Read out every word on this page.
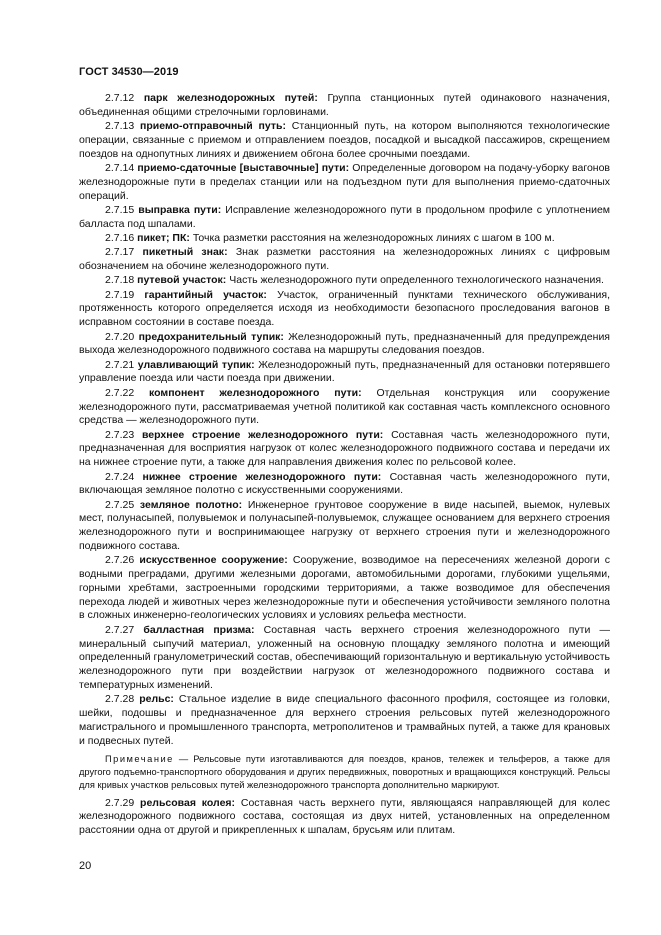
ГОСТ 34530—2019

2.7.12 парк железнодорожных путей: Группа станционных путей одинакового назначения, объединенная общими стрелочными горловинами.

2.7.13 приемо-отправочный путь: Станционный путь, на котором выполняются технологические операции, связанные с приемом и отправлением поездов, посадкой и высадкой пассажиров, скрещением поездов на однопутных линиях и движением обгона более срочными поездами.

2.7.14 приемо-сдаточные [выставочные] пути: Определенные договором на подачу-уборку вагонов железнодорожные пути в пределах станции или на подъездном пути для выполнения приемо-сдаточных операций.

2.7.15 выправка пути: Исправление железнодорожного пути в продольном профиле с уплотнением балласта под шпалами.

2.7.16 пикет; ПК: Точка разметки расстояния на железнодорожных линиях с шагом в 100 м.

2.7.17 пикетный знак: Знак разметки расстояния на железнодорожных линиях с цифровым обозначением на обочине железнодорожного пути.

2.7.18 путевой участок: Часть железнодорожного пути определенного технологического назначения.

2.7.19 гарантийный участок: Участок, ограниченный пунктами технического обслуживания, протяженность которого определяется исходя из необходимости безопасного проследования вагонов в исправном состоянии в составе поезда.

2.7.20 предохранительный тупик: Железнодорожный путь, предназначенный для предупреждения выхода железнодорожного подвижного состава на маршруты следования поездов.

2.7.21 улавливающий тупик: Железнодорожный путь, предназначенный для остановки потерявшего управление поезда или части поезда при движении.

2.7.22 компонент железнодорожного пути: Отдельная конструкция или сооружение железнодорожного пути, рассматриваемая учетной политикой как составная часть комплексного основного средства — железнодорожного пути.

2.7.23 верхнее строение железнодорожного пути: Составная часть железнодорожного пути, предназначенная для восприятия нагрузок от колес железнодорожного подвижного состава и передачи их на нижнее строение пути, а также для направления движения колес по рельсовой колее.

2.7.24 нижнее строение железнодорожного пути: Составная часть железнодорожного пути, включающая земляное полотно с искусственными сооружениями.

2.7.25 земляное полотно: Инженерное грунтовое сооружение в виде насыпей, выемок, нулевых мест, полунасыпей, полувыемок и полунасыпей-полувыемок, служащее основанием для верхнего строения железнодорожного пути и воспринимающее нагрузку от верхнего строения пути и железнодорожного подвижного состава.

2.7.26 искусственное сооружение: Сооружение, возводимое на пересечениях железной дороги с водными преградами, другими железными дорогами, автомобильными дорогами, глубокими ущельями, горными хребтами, застроенными городскими территориями, а также возводимое для обеспечения перехода людей и животных через железнодорожные пути и обеспечения устойчивости земляного полотна в сложных инженерно-геологических условиях и условиях рельефа местности.

2.7.27 балластная призма: Составная часть верхнего строения железнодорожного пути — минеральный сыпучий материал, уложенный на основную площадку земляного полотна и имеющий определенный гранулометрический состав, обеспечивающий горизонтальную и вертикальную устойчивость железнодорожного пути при воздействии нагрузок от железнодорожного подвижного состава и температурных изменений.

2.7.28 рельс: Стальное изделие в виде специального фасонного профиля, состоящее из головки, шейки, подошвы и предназначенное для верхнего строения рельсовых путей железнодорожного магистрального и промышленного транспорта, метрополитенов и трамвайных путей, а также для крановых и подвесных путей.

Примечание — Рельсовые пути изготавливаются для поездов, кранов, тележек и тельферов, а также для другого подъемно-транспортного оборудования и других передвижных, поворотных и вращающихся конструкций. Рельсы для кривых участков рельсовых путей железнодорожного транспорта дополнительно маркируют.

2.7.29 рельсовая колея: Составная часть верхнего пути, являющаяся направляющей для колес железнодорожного подвижного состава, состоящая из двух нитей, установленных на определенном расстоянии одна от другой и прикрепленных к шпалам, брусьям или плитам.

20
